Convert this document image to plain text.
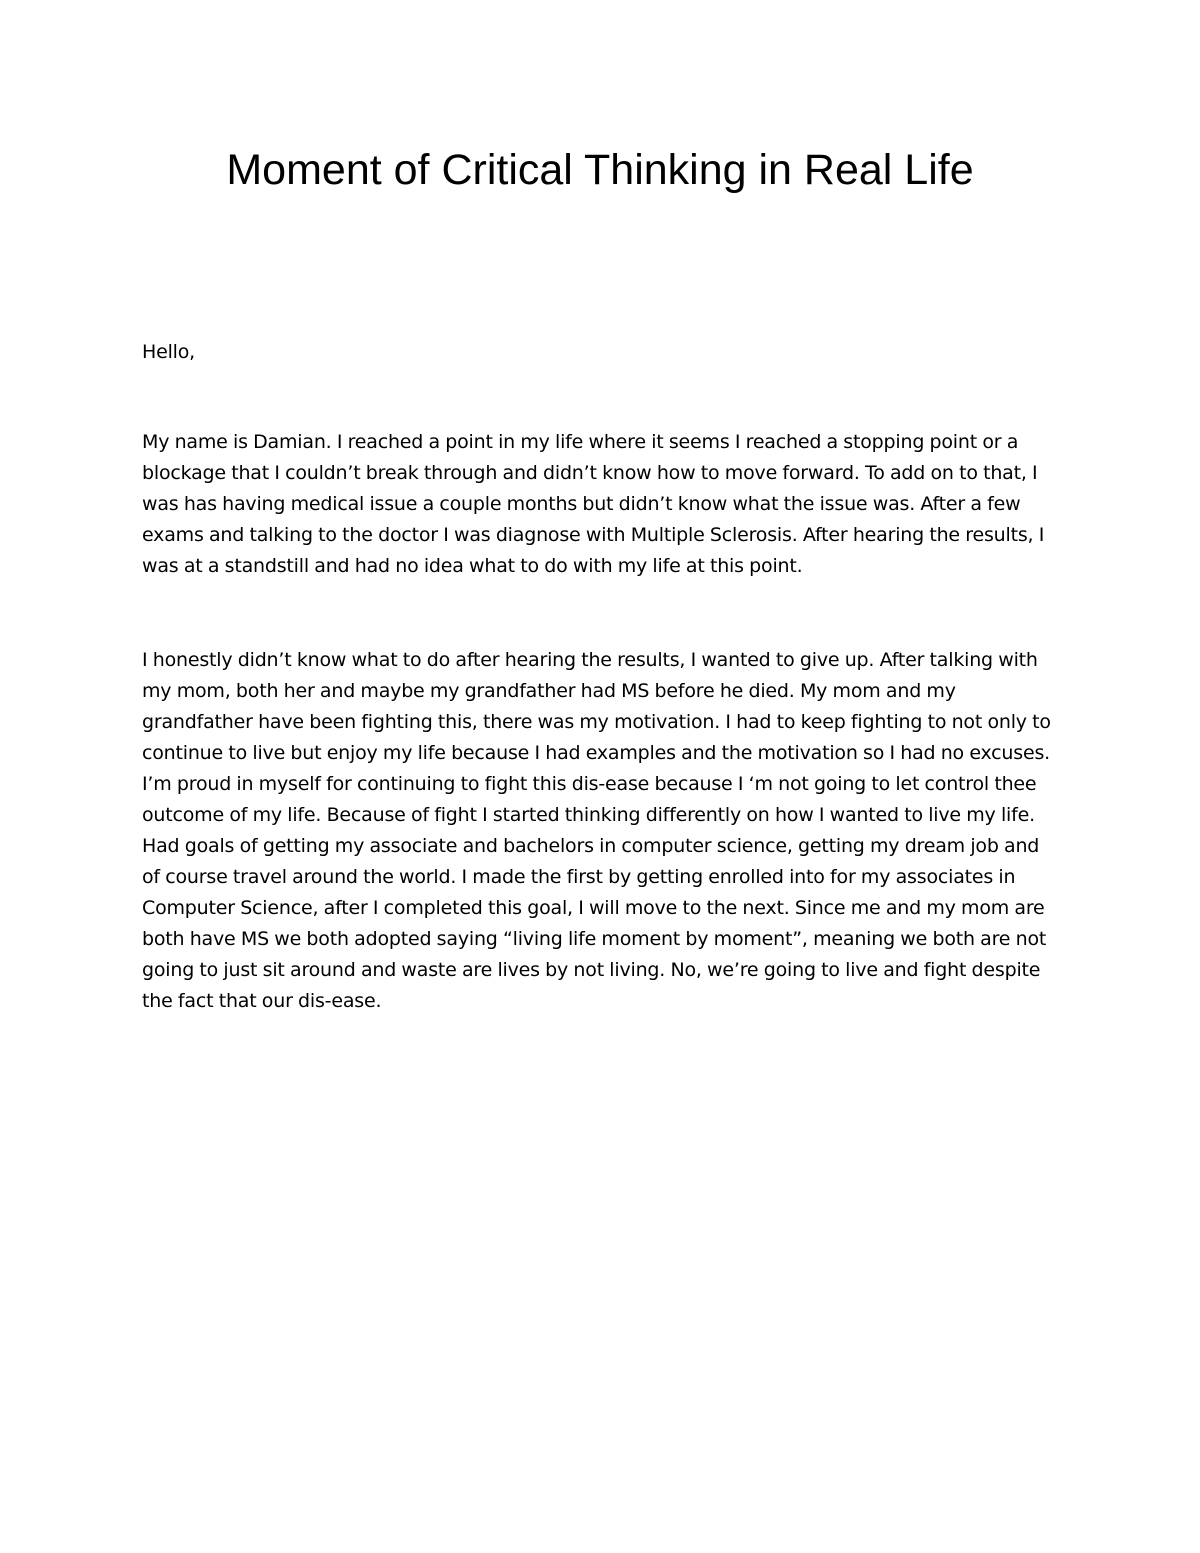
Moment of Critical Thinking in Real Life

Hello,

My name is Damian. I reached a point in my life where it seems I reached a stopping point or a blockage that I couldn’t break through and didn’t know how to move forward. To add on to that, I was has having medical issue a couple months but didn’t know what the issue was. After a few exams and talking to the doctor I was diagnose with Multiple Sclerosis. After hearing the results, I was at a standstill and had no idea what to do with my life at this point.

I honestly didn’t know what to do after hearing the results, I wanted to give up. After talking with my mom, both her and maybe my grandfather had MS before he died. My mom and my grandfather have been fighting this, there was my motivation. I had to keep fighting to not only to continue to live but enjoy my life because I had examples and the motivation so I had no excuses. I’m proud in myself for continuing to fight this dis-ease because I ‘m not going to let control thee outcome of my life. Because of fight I started thinking differently on how I wanted to live my life. Had goals of getting my associate and bachelors in computer science, getting my dream job and of course travel around the world. I made the first by getting enrolled into for my associates in Computer Science, after I completed this goal, I will move to the next. Since me and my mom are both have MS we both adopted saying “living life moment by moment”, meaning we both are not going to just sit around and waste are lives by not living. No, we’re going to live and fight despite the fact that our dis-ease.
